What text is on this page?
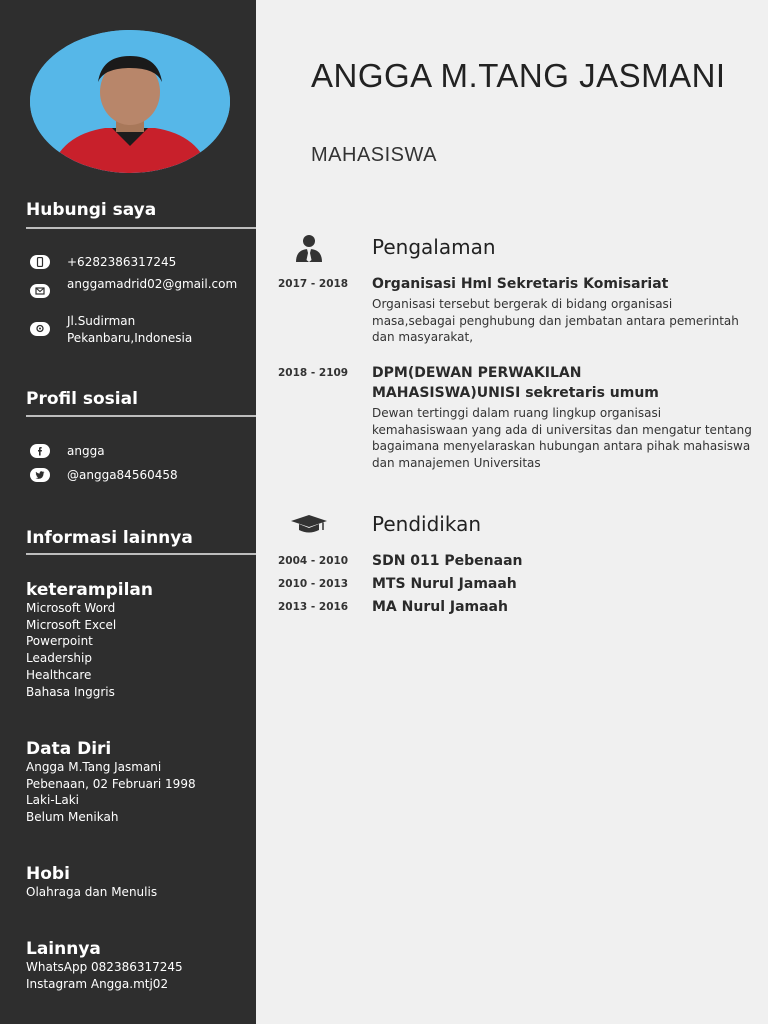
Hubungi saya
+6282386317245
anggamadrid02@gmail.com
Jl.Sudirman Pekanbaru,Indonesia
Profil sosial
angga
@angga84560458
Informasi lainnya
keterampilan
Microsoft Word
Microsoft Excel
Powerpoint
Leadership
Healthcare
Bahasa Inggris
Data Diri
Angga M.Tang Jasmani
Pebenaan, 02 Februari 1998
Laki-Laki
Belum Menikah
Hobi
Olahraga dan Menulis
Lainnya
WhatsApp 082386317245
Instagram Angga.mtj02
ANGGA M.TANG JASMANI
MAHASISWA
Pengalaman
2017 - 2018 Organisasi Hml Sekretaris Komisariat
Organisasi tersebut bergerak di bidang organisasi masa,sebagai penghubung dan jembatan antara pemerintah dan masyarakat,
2018 - 2109 DPM(DEWAN PERWAKILAN MAHASISWA)UNISI sekretaris umum
Dewan tertinggi dalam ruang lingkup organisasi kemahasiswaan yang ada di universitas dan mengatur tentang bagaimana menyelaraskan hubungan antara pihak mahasiswa dan manajemen Universitas
Pendidikan
2004 - 2010 SDN 011 Pebenaan
2010 - 2013 MTS Nurul Jamaah
2013 - 2016 MA Nurul Jamaah
